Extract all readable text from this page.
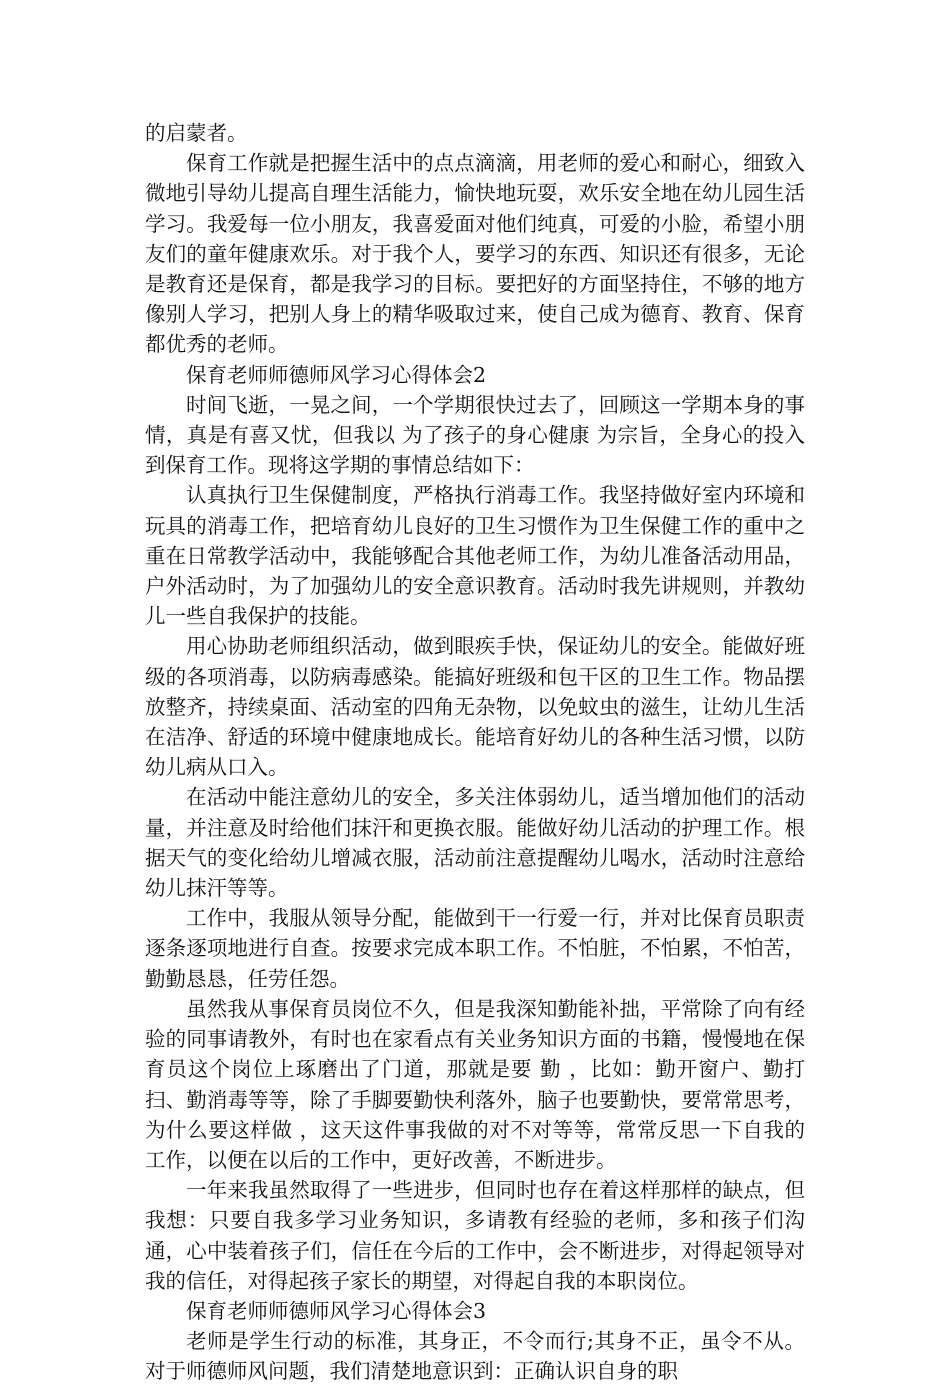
的启蒙者。

保育工作就是把握生活中的点点滴滴，用老师的爱心和耐心，细致入微地引导幼儿提高自理生活能力，愉快地玩耍，欢乐安全地在幼儿园生活学习。我爱每一位小朋友，我喜爱面对他们纯真，可爱的小脸，希望小朋友们的童年健康欢乐。对于我个人，要学习的东西、知识还有很多，无论是教育还是保育，都是我学习的目标。要把好的方面坚持住，不够的地方像别人学习，把别人身上的精华吸取过来，使自己成为德育、教育、保育都优秀的老师。

保育老师师德师风学习心得体会2

时间飞逝，一晃之间，一个学期很快过去了，回顾这一学期本身的事情，真是有喜又忧，但我以 为了孩子的身心健康 为宗旨，全身心的投入到保育工作。现将这学期的事情总结如下：

认真执行卫生保健制度，严格执行消毒工作。我坚持做好室内环境和玩具的消毒工作，把培育幼儿良好的卫生习惯作为卫生保健工作的重中之重在日常教学活动中，我能够配合其他老师工作，为幼儿准备活动用品，户外活动时，为了加强幼儿的安全意识教育。活动时我先讲规则，并教幼儿一些自我保护的技能。

用心协助老师组织活动，做到眼疾手快，保证幼儿的安全。能做好班级的各项消毒，以防病毒感染。能搞好班级和包干区的卫生工作。物品摆放整齐，持续桌面、活动室的四角无杂物，以免蚊虫的滋生，让幼儿生活在洁净、舒适的环境中健康地成长。能培育好幼儿的各种生活习惯，以防幼儿病从口入。

在活动中能注意幼儿的安全，多关注体弱幼儿，适当增加他们的活动量，并注意及时给他们抹汗和更换衣服。能做好幼儿活动的护理工作。根据天气的变化给幼儿增减衣服，活动前注意提醒幼儿喝水，活动时注意给幼儿抹汗等等。

工作中，我服从领导分配，能做到干一行爱一行，并对比保育员职责逐条逐项地进行自查。按要求完成本职工作。不怕脏，不怕累，不怕苦，勤勤恳恳，任劳任怨。

虽然我从事保育员岗位不久，但是我深知勤能补拙，平常除了向有经验的同事请教外，有时也在家看点有关业务知识方面的书籍，慢慢地在保育员这个岗位上琢磨出了门道，那就是要 勤 ，比如：勤开窗户、勤打扫、勤消毒等等，除了手脚要勤快利落外，脑子也要勤快，要常常思考， 为什么要这样做 ，这天这件事我做的对不对等等，常常反思一下自我的工作，以便在以后的工作中，更好改善，不断进步。

一年来我虽然取得了一些进步，但同时也存在着这样那样的缺点，但我想：只要自我多学习业务知识，多请教有经验的老师，多和孩子们沟通，心中装着孩子们，信任在今后的工作中，会不断进步，对得起领导对我的信任，对得起孩子家长的期望，对得起自我的本职岗位。

保育老师师德师风学习心得体会3

老师是学生行动的标准，其身正，不令而行;其身不正，虽令不从。对于师德师风问题，我们清楚地意识到：正确认识自身的职
